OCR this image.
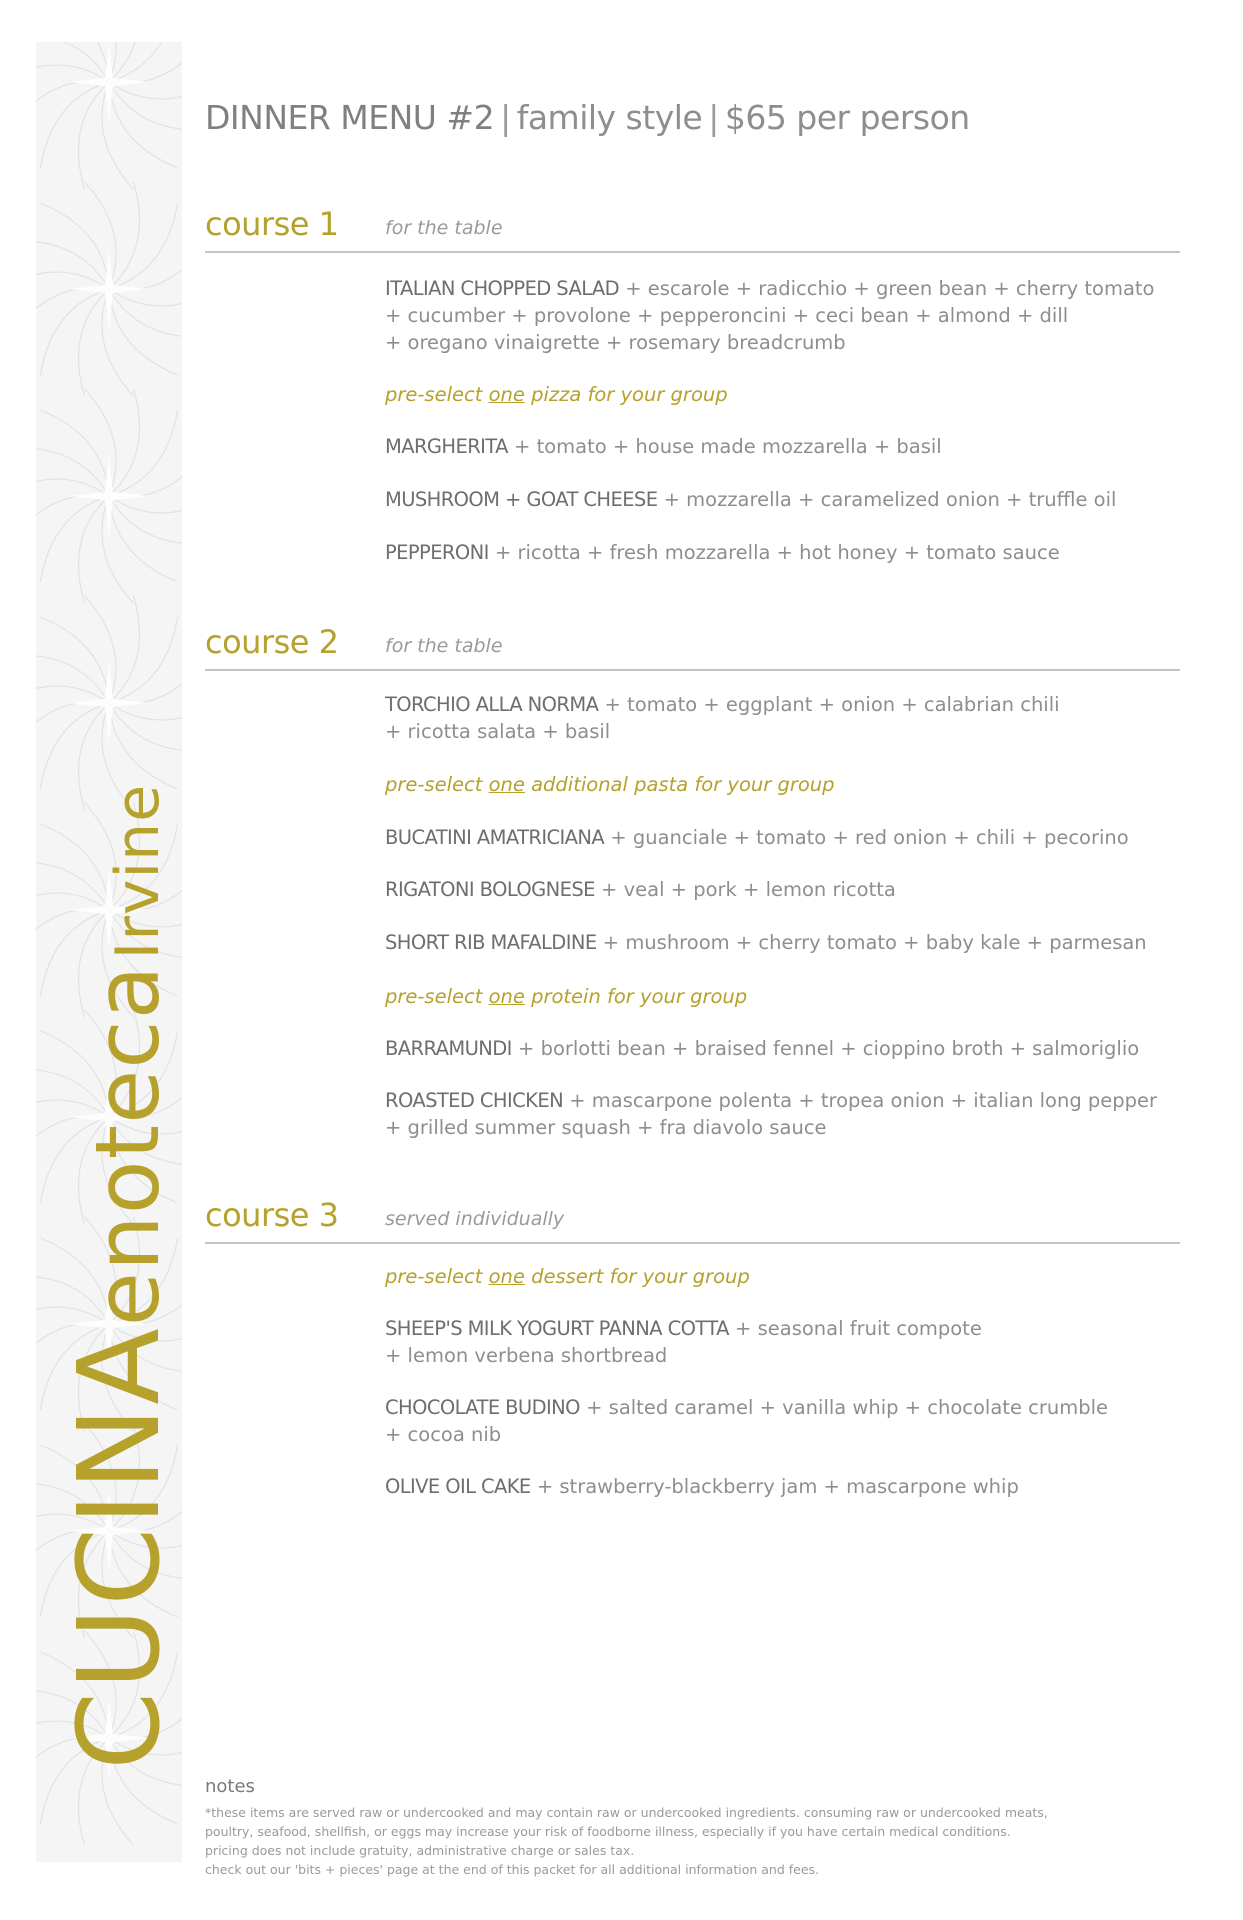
CUCINAenoteca Irvine
DINNER MENU #2 | family style | $65 per person
course 1 for the table
ITALIAN CHOPPED SALAD + escarole + radicchio + green bean + cherry tomato
+ cucumber + provolone + pepperoncini + ceci bean + almond + dill
+ oregano vinaigrette + rosemary breadcrumb
pre-select one pizza for your group
MARGHERITA + tomato + house made mozzarella + basil
MUSHROOM + GOAT CHEESE + mozzarella + caramelized onion + truffle oil
PEPPERONI + ricotta + fresh mozzarella + hot honey + tomato sauce
course 2 for the table
TORCHIO ALLA NORMA + tomato + eggplant + onion + calabrian chili
+ ricotta salata + basil
pre-select one additional pasta for your group
BUCATINI AMATRICIANA + guanciale + tomato + red onion + chili + pecorino
RIGATONI BOLOGNESE + veal + pork + lemon ricotta
SHORT RIB MAFALDINE + mushroom + cherry tomato + baby kale + parmesan
pre-select one protein for your group
BARRAMUNDI + borlotti bean + braised fennel + cioppino broth + salmoriglio
ROASTED CHICKEN + mascarpone polenta + tropea onion + italian long pepper
+ grilled summer squash + fra diavolo sauce
course 3 served individually
pre-select one dessert for your group
SHEEP'S MILK YOGURT PANNA COTTA + seasonal fruit compote
+ lemon verbena shortbread
CHOCOLATE BUDINO + salted caramel + vanilla whip + chocolate crumble
+ cocoa nib
OLIVE OIL CAKE + strawberry-blackberry jam + mascarpone whip
notes
*these items are served raw or undercooked and may contain raw or undercooked ingredients. consuming raw or undercooked meats,
poultry, seafood, shellfish, or eggs may increase your risk of foodborne illness, especially if you have certain medical conditions.
pricing does not include gratuity, administrative charge or sales tax.
check out our 'bits + pieces' page at the end of this packet for all additional information and fees.
